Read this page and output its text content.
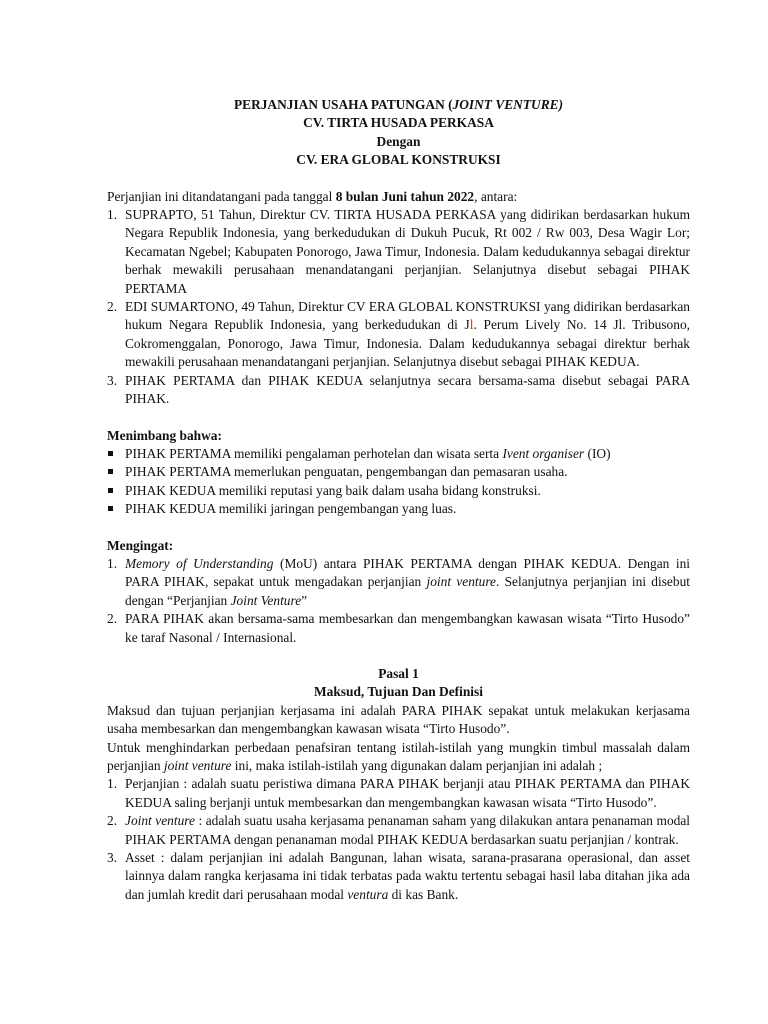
PERJANJIAN USAHA PATUNGAN (JOINT VENTURE)
CV. TIRTA HUSADA PERKASA
Dengan
CV. ERA GLOBAL KONSTRUKSI

Perjanjian ini ditandatangani pada tanggal 8 bulan Juni tahun 2022, antara:

1. SUPRAPTO, 51 Tahun, Direktur CV. TIRTA HUSADA PERKASA yang didirikan berdasarkan hukum Negara Republik Indonesia, yang berkedudukan di Dukuh Pucuk, Rt 002 / Rw 003, Desa Wagir Lor; Kecamatan Ngebel; Kabupaten Ponorogo, Jawa Timur, Indonesia. Dalam kedudukannya sebagai direktur berhak mewakili perusahaan menandatangani perjanjian. Selanjutnya disebut sebagai PIHAK PERTAMA
2. EDI SUMARTONO, 49 Tahun, Direktur CV ERA GLOBAL KONSTRUKSI yang didirikan berdasarkan hukum Negara Republik Indonesia, yang berkedudukan di Jl. Perum Lively No. 14 Jl. Tribusono, Cokromenggalan, Ponorogo, Jawa Timur, Indonesia. Dalam kedudukannya sebagai direktur berhak mewakili perusahaan menandatangani perjanjian. Selanjutnya disebut sebagai PIHAK KEDUA.
3. PIHAK PERTAMA dan PIHAK KEDUA selanjutnya secara bersama-sama disebut sebagai PARA PIHAK.

Menimbang bahwa:

PIHAK PERTAMA memiliki pengalaman perhotelan dan wisata serta Ivent organiser (IO)
PIHAK PERTAMA memerlukan penguatan, pengembangan dan pemasaran usaha.
PIHAK KEDUA memiliki reputasi yang baik dalam usaha bidang konstruksi.
PIHAK KEDUA memiliki jaringan pengembangan yang luas.

Mengingat:

1. Memory of Understanding (MoU) antara PIHAK PERTAMA dengan PIHAK KEDUA. Dengan ini PARA PIHAK, sepakat untuk mengadakan perjanjian joint venture. Selanjutnya perjanjian ini disebut dengan “Perjanjian Joint Venture”
2. PARA PIHAK akan bersama-sama membesarkan dan mengembangkan kawasan wisata “Tirto Husodo” ke taraf Nasonal / Internasional.

Pasal 1

Maksud, Tujuan Dan Definisi

Maksud dan tujuan perjanjian kerjasama ini adalah PARA PIHAK sepakat untuk melakukan kerjasama usaha membesarkan dan mengembangkan kawasan wisata “Tirto Husodo”.

Untuk menghindarkan perbedaan penafsiran tentang istilah-istilah yang mungkin timbul massalah dalam perjanjian joint venture ini, maka istilah-istilah yang digunakan dalam perjanjian ini adalah ;

1. Perjanjian : adalah suatu peristiwa dimana PARA PIHAK berjanji atau PIHAK PERTAMA dan PIHAK KEDUA saling berjanji untuk membesarkan dan mengembangkan kawasan wisata “Tirto Husodo”.
2. Joint venture : adalah suatu usaha kerjasama penanaman saham yang dilakukan antara penanaman modal PIHAK PERTAMA dengan penanaman modal PIHAK KEDUA berdasarkan suatu perjanjian / kontrak.
3. Asset : dalam perjanjian ini adalah Bangunan, lahan wisata, sarana-prasarana operasional, dan asset lainnya dalam rangka kerjasama ini tidak terbatas pada waktu tertentu sebagai hasil laba ditahan jika ada dan jumlah kredit dari perusahaan modal ventura di kas Bank.
